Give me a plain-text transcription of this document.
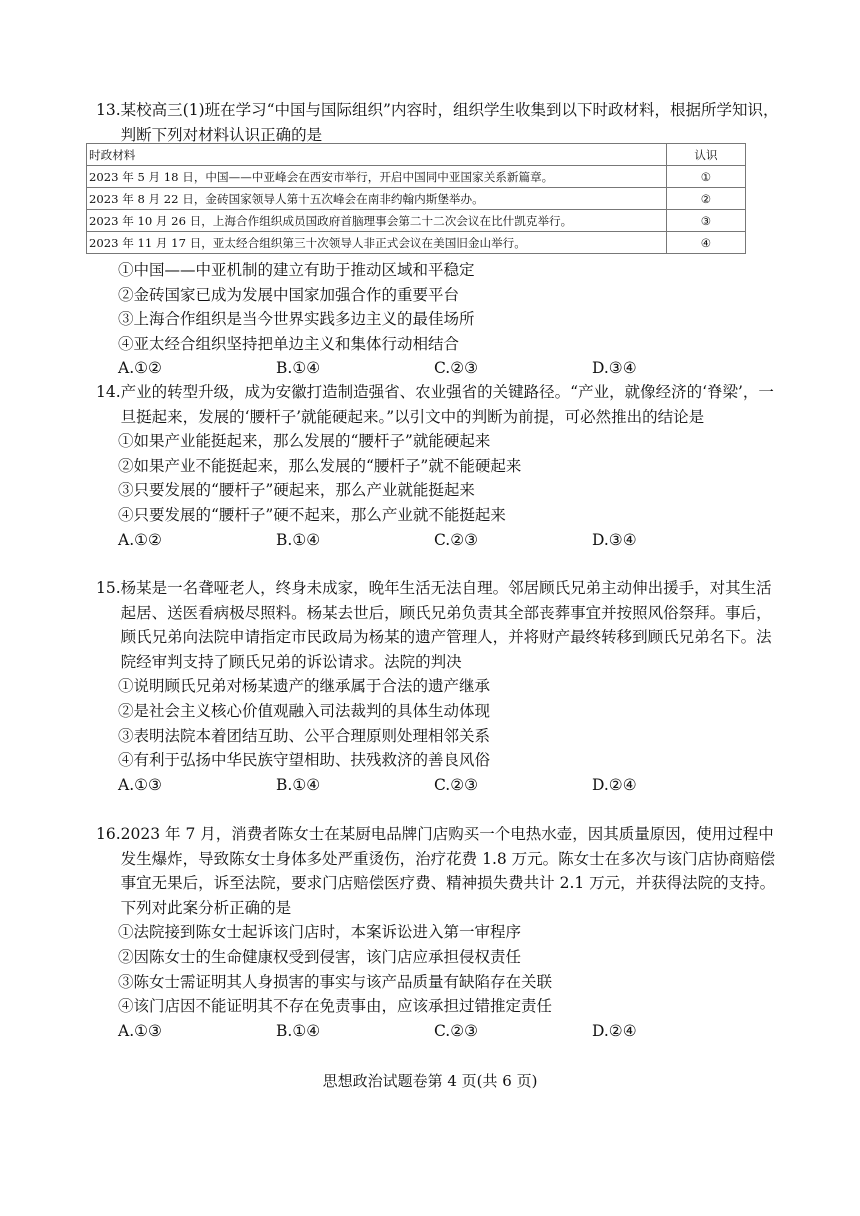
13. 某校高三(1)班在学习“中国与国际组织”内容时，组织学生收集到以下时政材料，根据所学知识，判断下列对材料认识正确的是
时政材料	认识
2023 年 5 月 18 日，中国——中亚峰会在西安市举行，开启中国同中亚国家关系新篇章。	①
2023 年 8 月 22 日，金砖国家领导人第十五次峰会在南非约翰内斯堡举办。	②
2023 年 10 月 26 日，上海合作组织成员国政府首脑理事会第二十二次会议在比什凯克举行。	③
2023 年 11 月 17 日，亚太经合组织第三十次领导人非正式会议在美国旧金山举行。	④
①中国——中亚机制的建立有助于推动区域和平稳定
②金砖国家已成为发展中国家加强合作的重要平台
③上海合作组织是当今世界实践多边主义的最佳场所
④亚太经合组织坚持把单边主义和集体行动相结合
A.①②	B.①④	C.②③	D.③④
14. 产业的转型升级，成为安徽打造制造强省、农业强省的关键路径。“产业，就像经济的‘脊梁’，一旦挺起来，发展的‘腰杆子’就能硬起来。”以引文中的判断为前提，可必然推出的结论是
①如果产业能挺起来，那么发展的“腰杆子”就能硬起来
②如果产业不能挺起来，那么发展的“腰杆子”就不能硬起来
③只要发展的“腰杆子”硬起来，那么产业就能挺起来
④只要发展的“腰杆子”硬不起来，那么产业就不能挺起来
A.①②	B.①④	C.②③	D.③④
15. 杨某是一名聋哑老人，终身未成家，晚年生活无法自理。邻居顾氏兄弟主动伸出援手，对其生活起居、送医看病极尽照料。杨某去世后，顾氏兄弟负责其全部丧葬事宜并按照风俗祭拜。事后，顾氏兄弟向法院申请指定市民政局为杨某的遗产管理人，并将财产最终转移到顾氏兄弟名下。法院经审判支持了顾氏兄弟的诉讼请求。法院的判决
①说明顾氏兄弟对杨某遗产的继承属于合法的遗产继承
②是社会主义核心价值观融入司法裁判的具体生动体现
③表明法院本着团结互助、公平合理原则处理相邻关系
④有利于弘扬中华民族守望相助、扶残救济的善良风俗
A.①③	B.①④	C.②③	D.②④
16. 2023 年 7 月，消费者陈女士在某厨电品牌门店购买一个电热水壶，因其质量原因，使用过程中发生爆炸，导致陈女士身体多处严重烫伤，治疗花费 1.8 万元。陈女士在多次与该门店协商赔偿事宜无果后，诉至法院，要求门店赔偿医疗费、精神损失费共计 2.1 万元，并获得法院的支持。下列对此案分析正确的是
①法院接到陈女士起诉该门店时，本案诉讼进入第一审程序
②因陈女士的生命健康权受到侵害，该门店应承担侵权责任
③陈女士需证明其人身损害的事实与该产品质量有缺陷存在关联
④该门店因不能证明其不存在免责事由，应该承担过错推定责任
A.①③	B.①④	C.②③	D.②④
思想政治试题卷第 4 页(共 6 页)
